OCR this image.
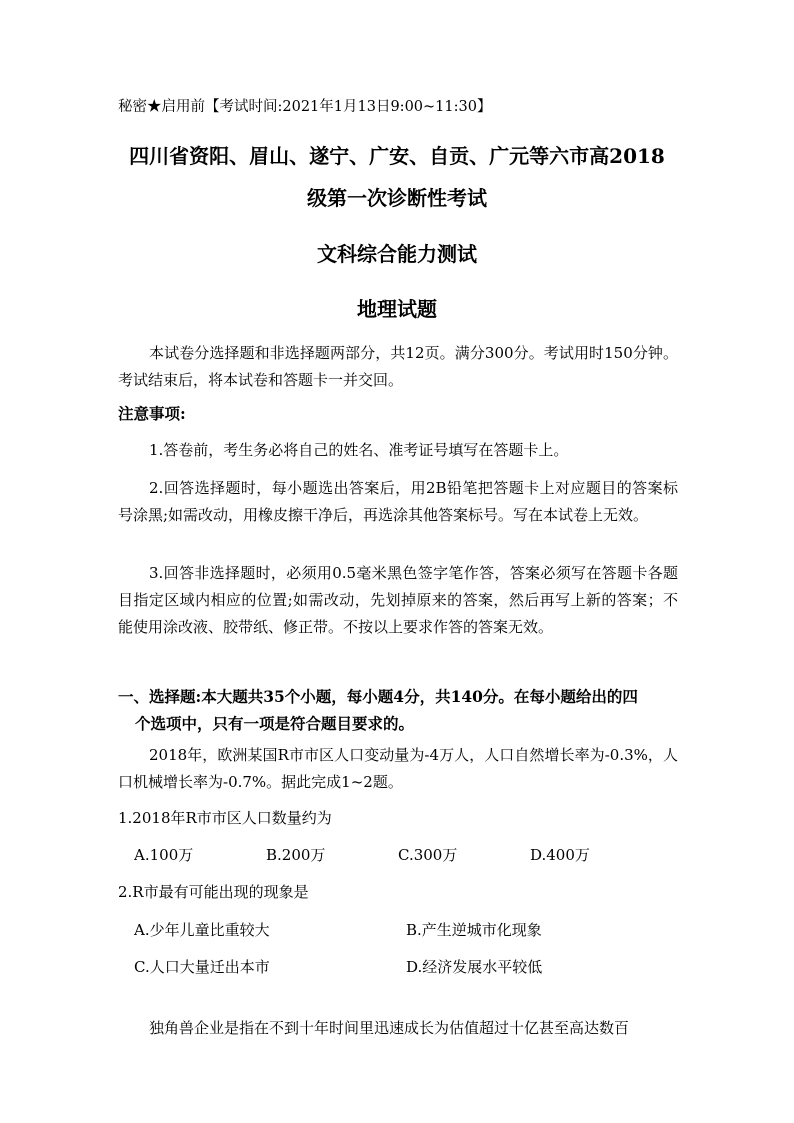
秘密★启用前【考试时间:2021年1月13日9:00~11:30】
四川省资阳、眉山、遂宁、广安、自贡、广元等六市高2018
级第一次诊断性考试
文科综合能力测试
地理试题
本试卷分选择题和非选择题两部分，共12页。满分300分。考试用时150分钟。考试结束后，将本试卷和答题卡一并交回。
注意事项:
1.答卷前，考生务必将自己的姓名、准考证号填写在答题卡上。
2.回答选择题时，每小题选出答案后，用2B铅笔把答题卡上对应题目的答案标号涂黑;如需改动，用橡皮擦干净后，再选涂其他答案标号。写在本试卷上无效。
3.回答非选择题时，必须用0.5毫米黑色签字笔作答，答案必须写在答题卡各题目指定区域内相应的位置;如需改动，先划掉原来的答案，然后再写上新的答案；不能使用涂改液、胶带纸、修正带。不按以上要求作答的答案无效。
一、选择题:本大题共35个小题，每小题4分，共140分。在每小题给出的四
个选项中，只有一项是符合题目要求的。
2018年，欧洲某国R市市区人口变动量为-4万人，人口自然增长率为-0.3%，人口机械增长率为-0.7%。据此完成1~2题。
1.2018年R市市区人口数量约为
A.100万	B.200万	C.300万	D.400万
2.R市最有可能出现的现象是
A.少年儿童比重较大	B.产生逆城市化现象
C.人口大量迁出本市	D.经济发展水平较低
独角兽企业是指在不到十年时间里迅速成长为估值超过十亿甚至高达数百
